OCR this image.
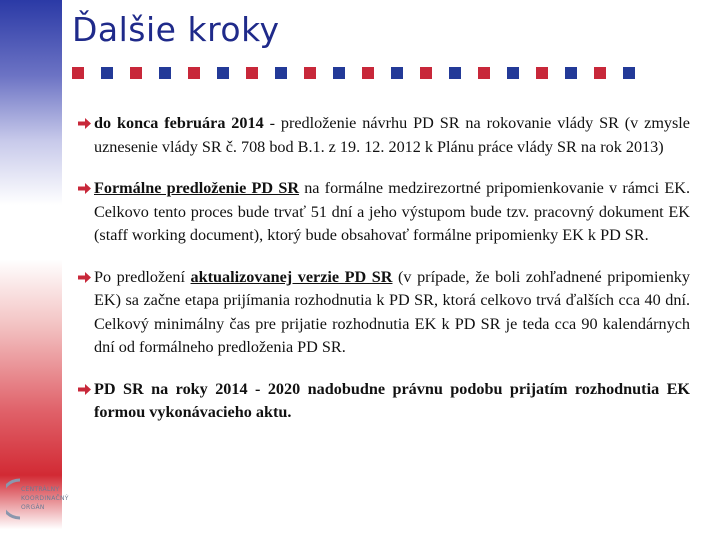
Ďalšie kroky
do konca februára 2014 - predloženie návrhu PD SR na rokovanie vlády SR (v zmysle uznesenie vlády SR č. 708 bod B.1. z 19. 12. 2012 k Plánu práce vlády SR na rok 2013)
Formálne predloženie PD SR na formálne medzirezortné pripomienkovanie v rámci EK. Celkovo tento proces bude trvať 51 dní a jeho výstupom bude tzv. pracovný dokument EK (staff working document), ktorý bude obsahovať formálne pripomienky EK k PD SR.
Po predložení aktualizovanej verzie PD SR (v prípade, že boli zohľadnené pripomienky EK) sa začne etapa prijímania rozhodnutia k PD SR, ktorá celkovo trvá ďalších cca 40 dní. Celkový minimálny čas pre prijatie rozhodnutia EK k PD SR je teda cca 90 kalendárnych dní od formálneho predloženia PD SR.
PD SR na roky 2014 - 2020 nadobudne právnu podobu prijatím rozhodnutia EK formou vykonávacieho aktu.
CENTRÁLNY
KOORDINAČNÝ
ORGÁN
